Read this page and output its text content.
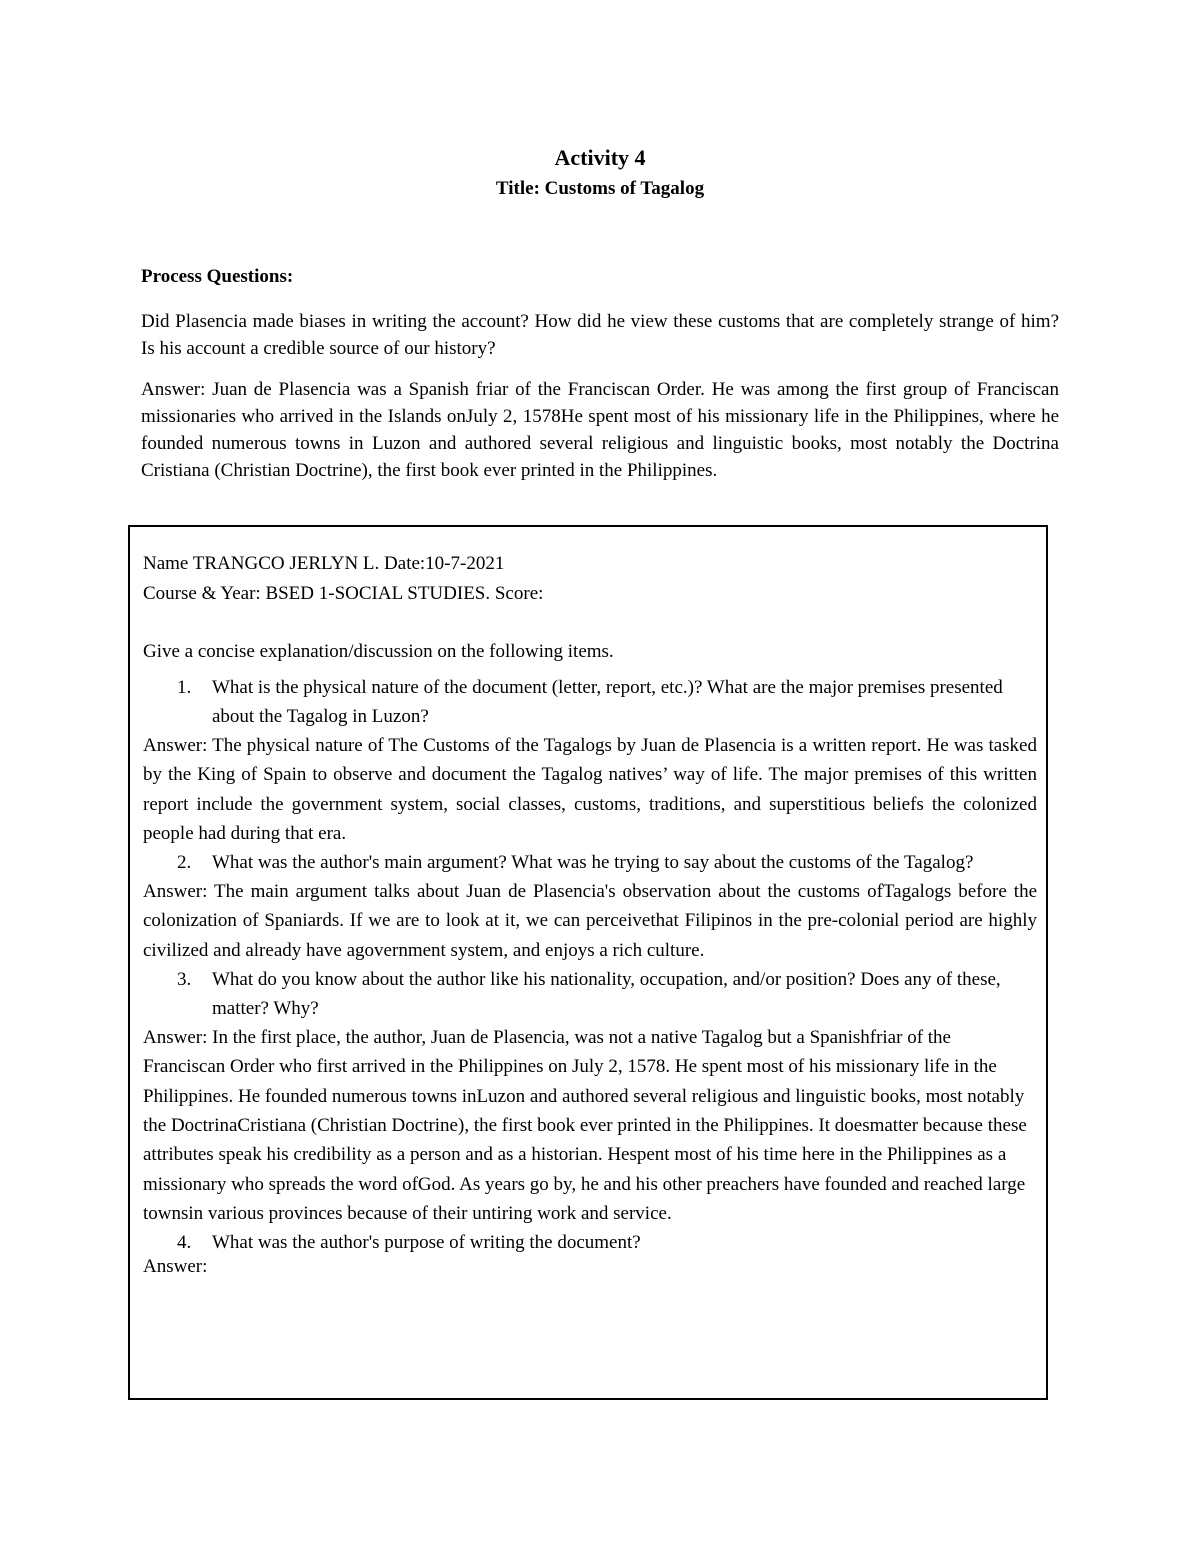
Activity 4
Title: Customs of Tagalog
Process Questions:

Did Plasencia made biases in writing the account? How did he view these customs that are completely strange of him? Is his account a credible source of our history?

Answer: Juan de Plasencia was a Spanish friar of the Franciscan Order. He was among the first group of Franciscan missionaries who arrived in the Islands onJuly 2, 1578He spent most of his missionary life in the Philippines, where he founded numerous towns in Luzon and authored several religious and linguistic books, most notably the Doctrina Cristiana (Christian Doctrine), the first book ever printed in the Philippines.

Name TRANGCO JERLYN L. Date:10-7-2021

Course & Year: BSED 1-SOCIAL STUDIES. Score:

Give a concise explanation/discussion on the following items.

1. What is the physical nature of the document (letter, report, etc.)? What are the major premises presented about the Tagalog in Luzon?

Answer: The physical nature of The Customs of the Tagalogs by Juan de Plasencia is a written report. He was tasked by the King of Spain to observe and document the Tagalog natives’ way of life. The major premises of this written report include the government system, social classes, customs, traditions, and superstitious beliefs the colonized people had during that era.

2. What was the author's main argument? What was he trying to say about the customs of the Tagalog?

Answer: The main argument talks about Juan de Plasencia's observation about the customs ofTagalogs before the colonization of Spaniards. If we are to look at it, we can perceivethat Filipinos in the pre-colonial period are highly civilized and already have agovernment system, and enjoys a rich culture.

3. What do you know about the author like his nationality, occupation, and/or position? Does any of these, matter? Why?

Answer: In the first place, the author, Juan de Plasencia, was not a native Tagalog but a Spanishfriar of the Franciscan Order who first arrived in the Philippines on July 2, 1578. He spent most of his missionary life in the Philippines. He founded numerous towns inLuzon and authored several religious and linguistic books, most notably the DoctrinaCristiana (Christian Doctrine), the first book ever printed in the Philippines. It doesmatter because these attributes speak his credibility as a person and as a historian. Hespent most of his time here in the Philippines as a missionary who spreads the word ofGod. As years go by, he and his other preachers have founded and reached large townsin various provinces because of their untiring work and service.

4. What was the author's purpose of writing the document?

Answer:
